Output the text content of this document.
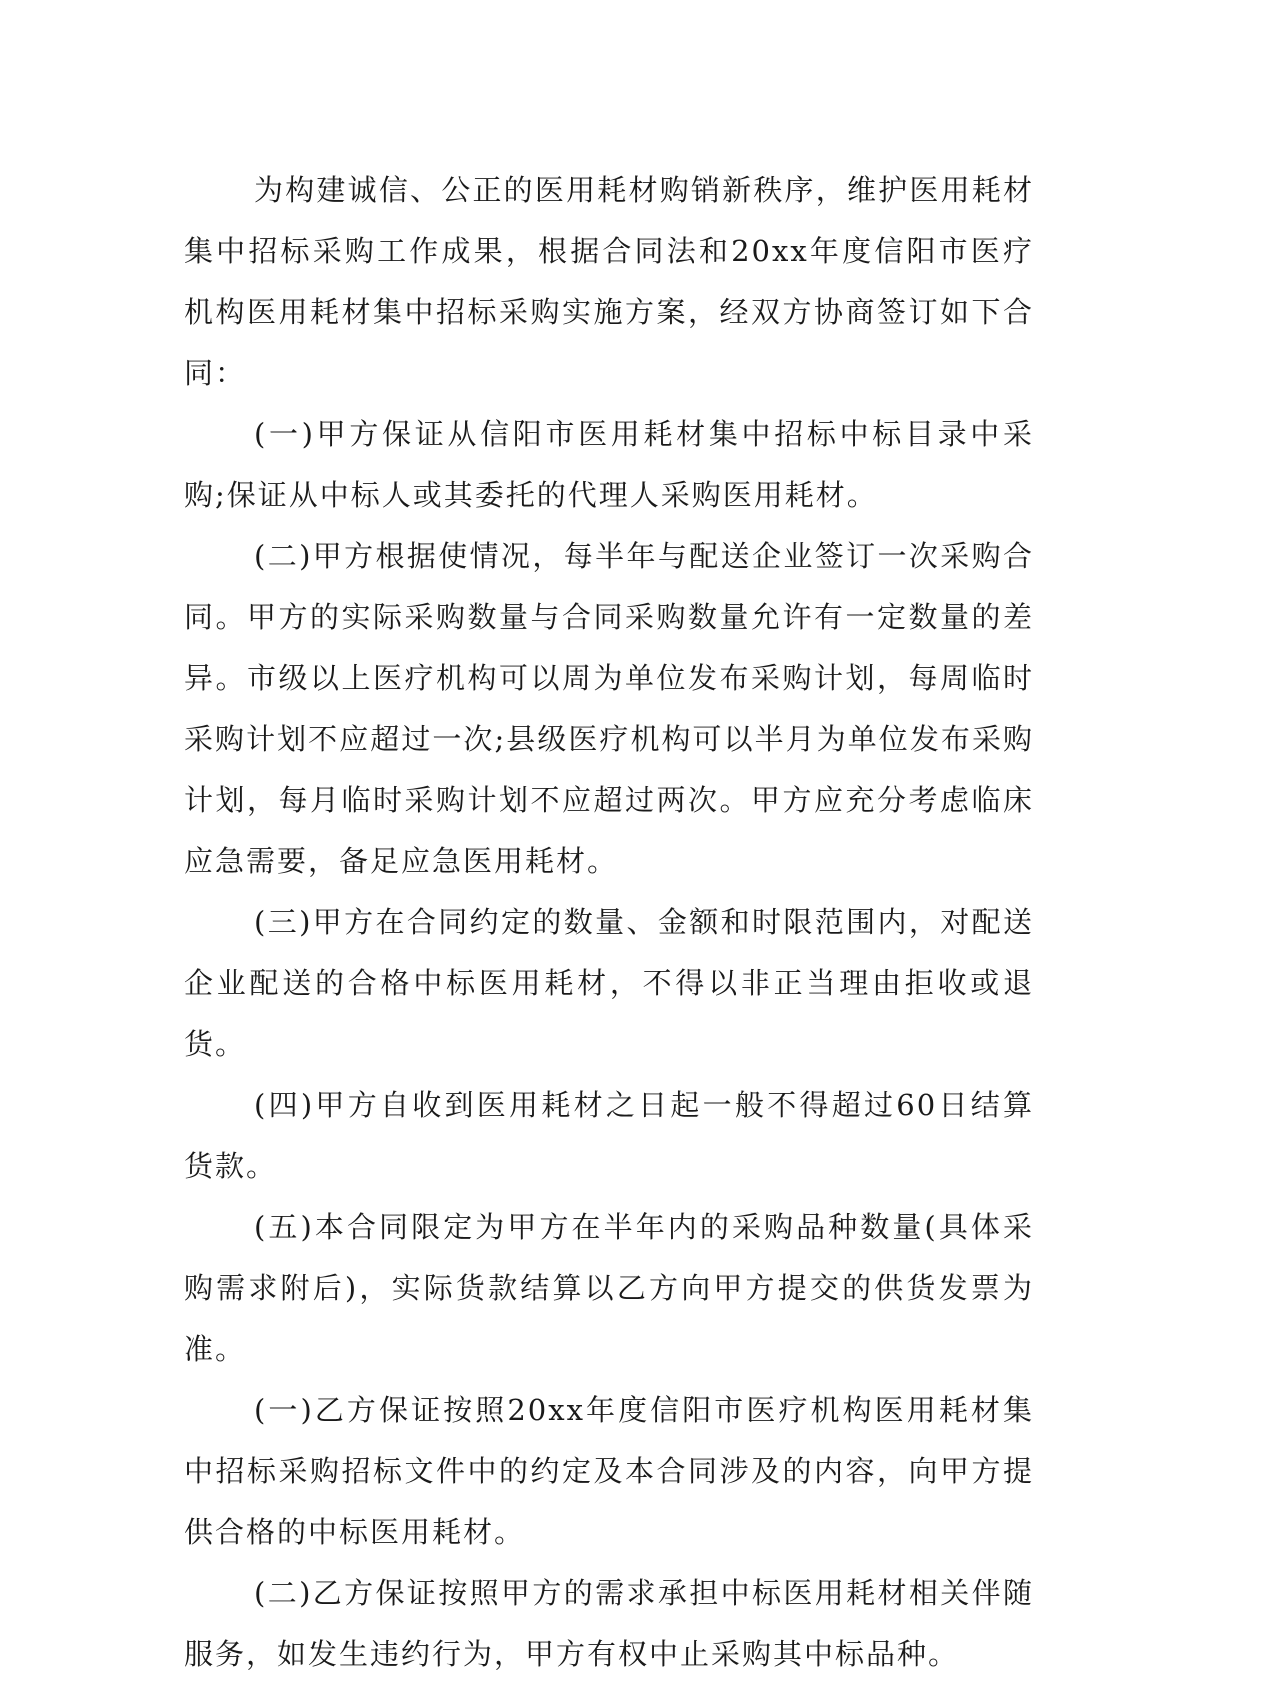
为构建诚信、公正的医用耗材购销新秩序，维护医用耗材集中招标采购工作成果，根据合同法和20xx年度信阳市医疗机构医用耗材集中招标采购实施方案，经双方协商签订如下合同：

(一)甲方保证从信阳市医用耗材集中招标中标目录中采购;保证从中标人或其委托的代理人采购医用耗材。

(二)甲方根据使情况，每半年与配送企业签订一次采购合同。甲方的实际采购数量与合同采购数量允许有一定数量的差异。市级以上医疗机构可以周为单位发布采购计划，每周临时采购计划不应超过一次;县级医疗机构可以半月为单位发布采购计划，每月临时采购计划不应超过两次。甲方应充分考虑临床应急需要，备足应急医用耗材。

(三)甲方在合同约定的数量、金额和时限范围内，对配送企业配送的合格中标医用耗材，不得以非正当理由拒收或退货。

(四)甲方自收到医用耗材之日起一般不得超过60日结算货款。

(五)本合同限定为甲方在半年内的采购品种数量(具体采购需求附后)，实际货款结算以乙方向甲方提交的供货发票为准。

(一)乙方保证按照20xx年度信阳市医疗机构医用耗材集中招标采购招标文件中的约定及本合同涉及的内容，向甲方提供合格的中标医用耗材。

(二)乙方保证按照甲方的需求承担中标医用耗材相关伴随服务，如发生违约行为，甲方有权中止采购其中标品种。
